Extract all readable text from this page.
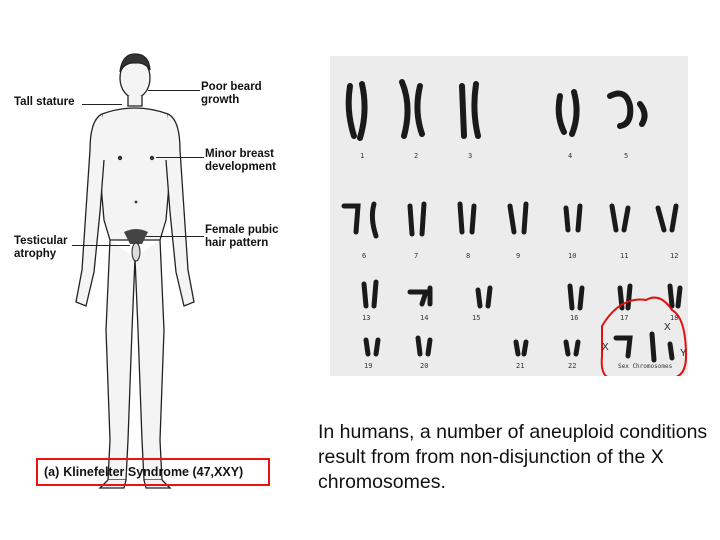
Tall stature
Poor beard growth
Minor breast development
Female pubic hair pattern
Testicular atrophy
(a) Klinefelter Syndrome (47,XXY)
1	2	3	4	5
6	7	8	9	10	11	12
13	14	15	16	17	18
19	20	21	22	Sex Chromosomes
X
X
Y
In humans, a number of aneuploid conditions result from from non-disjunction of the X chromosomes.
